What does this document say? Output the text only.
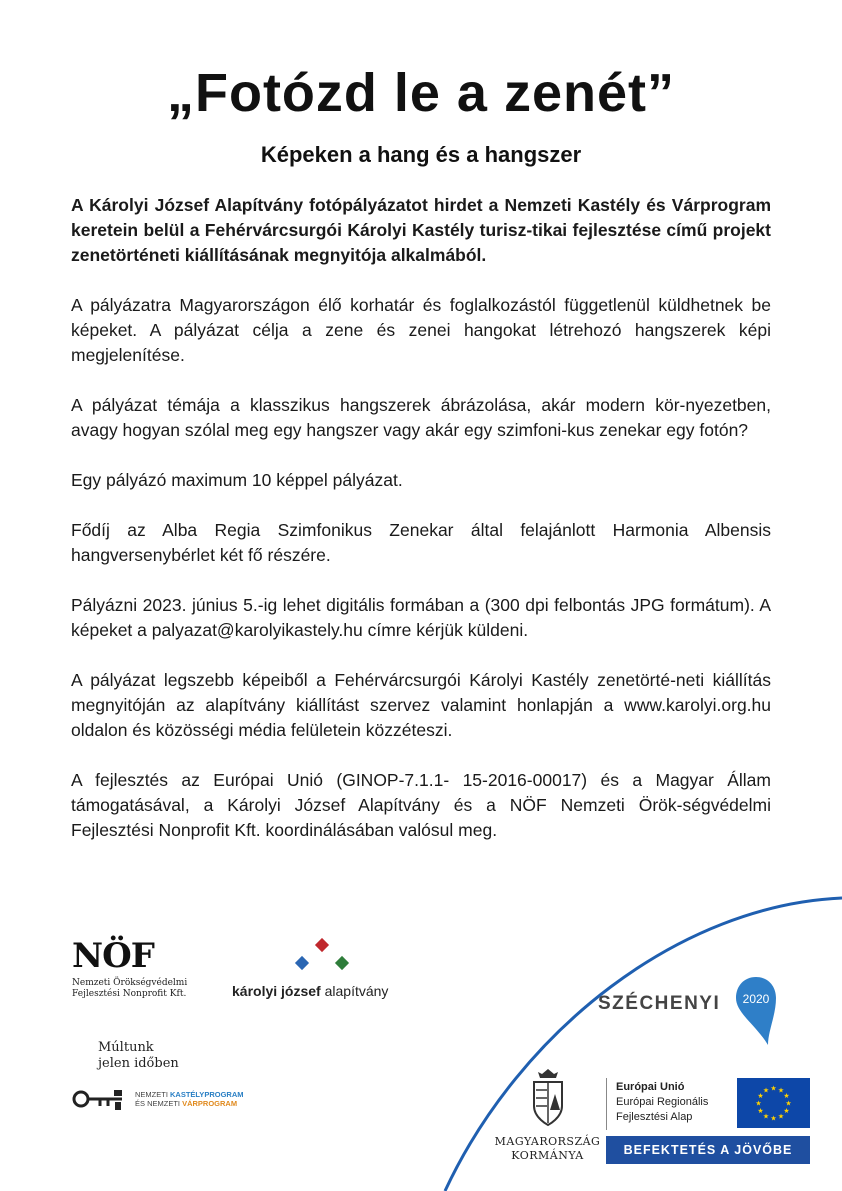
„Fotózd le a zenét”
Képeken a hang és a hangszer

A Károlyi József Alapítvány fotópályázatot hirdet a Nemzeti Kastély és Várprogram keretein belül a Fehérvárcsurgói Károlyi Kastély turisz-tikai fejlesztése című projekt zenetörténeti kiállításának megnyitója alkalmából.

A pályázatra Magyarországon élő korhatár és foglalkozástól függetlenül küldhetnek be képeket. A pályázat célja a zene és zenei hangokat létrehozó hangszerek képi megjelenítése.

A pályázat témája a klasszikus hangszerek ábrázolása, akár modern kör-nyezetben, avagy hogyan szólal meg egy hangszer vagy akár egy szimfoni-kus zenekar egy fotón?

Egy pályázó maximum 10 képpel pályázat.

Fődíj az Alba Regia Szimfonikus Zenekar által felajánlott Harmonia Albensis hangversenybérlet két fő részére.

Pályázni 2023. június 5.-ig lehet digitális formában a (300 dpi felbontás JPG formátum). A képeket a palyazat@karolyikastely.hu címre kérjük küldeni.

A pályázat legszebb képeiből a Fehérvárcsurgói Károlyi Kastély zenetörté-neti kiállítás megnyitóján az alapítvány kiállítást szervez valamint honlapján a www.karolyi.org.hu oldalon és közösségi média felületein közzéteszi.

A fejlesztés az Európai Unió (GINOP-7.1.1- 15-2016-00017) és a Magyar Állam támogatásával, a Károlyi József Alapítvány és a NÖF Nemzeti Örök-ségvédelmi Fejlesztési Nonprofit Kft. koordinálásában valósul meg.

NÖF
Nemzeti Örökségvédelmi
Fejlesztési Nonprofit Kft.	károlyi józsef alapítvány
Múltunk
jelen időben
NEMZETI KASTÉLYPROGRAM
ÉS NEMZETI VÁRPROGRAM
SZÉCHENYI 2020
MAGYARORSZÁG
KORMÁNYA
Európai Unió
Európai Regionális
Fejlesztési Alap
★ ★
★
★
★
★
★
★
★
★
★
★
BEFEKTETÉS A JÖVŐBE
